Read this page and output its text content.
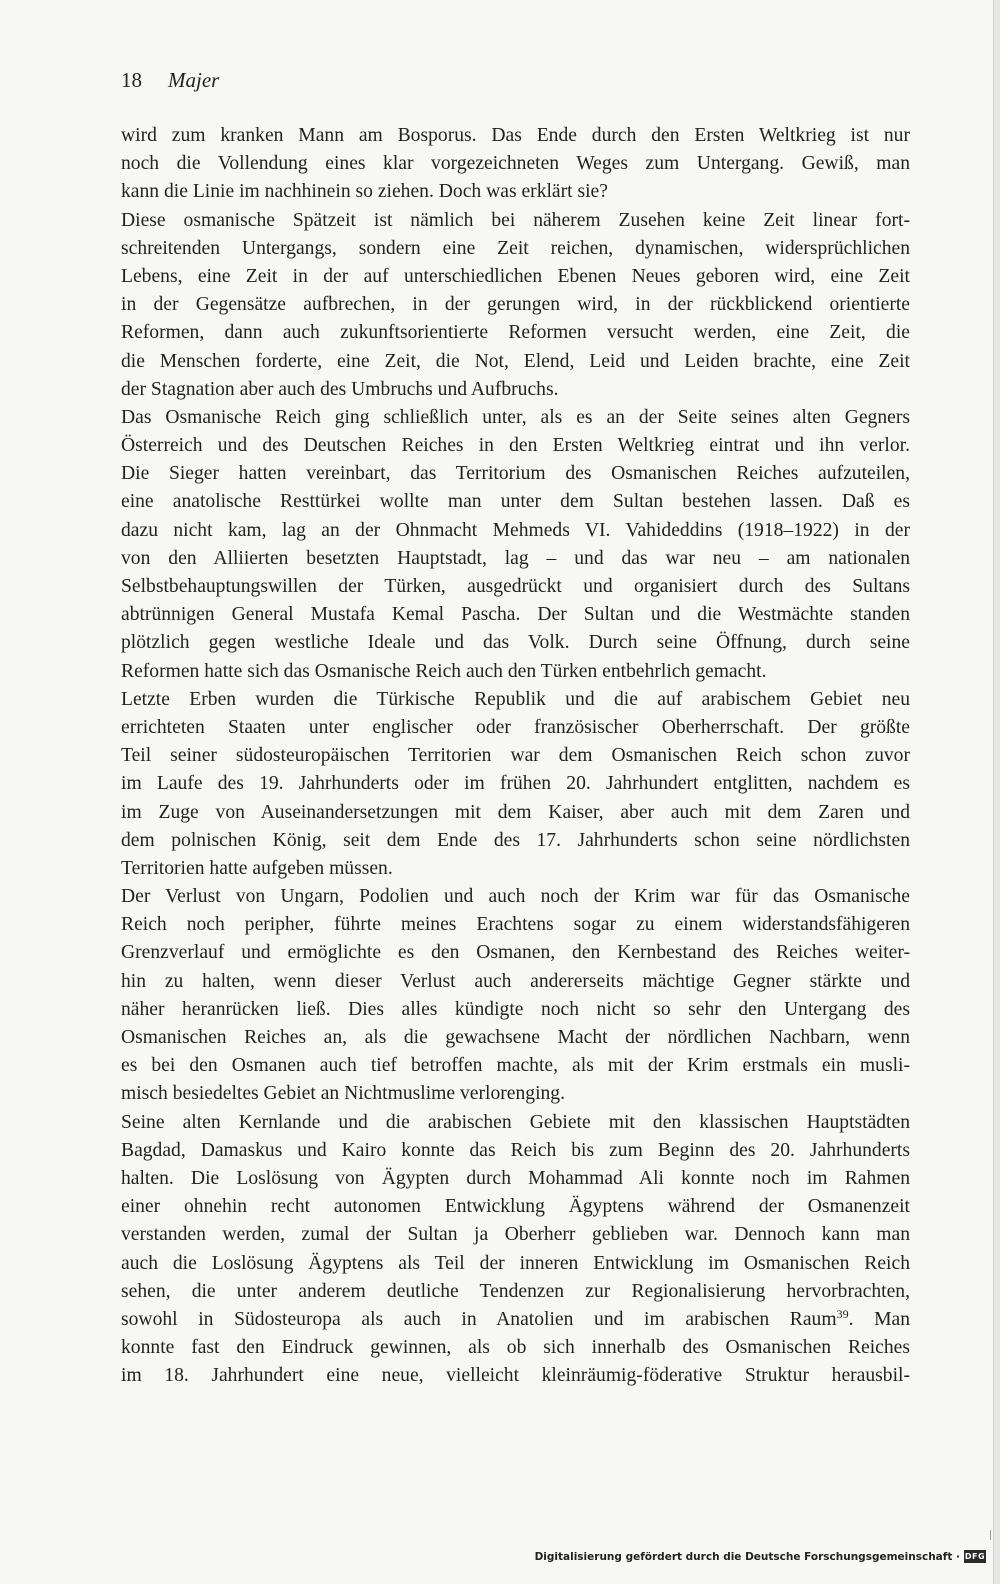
18 Majer
wird zum kranken Mann am Bosporus. Das Ende durch den Ersten Weltkrieg ist nur
noch die Vollendung eines klar vorgezeichneten Weges zum Untergang. Gewiß, man
kann die Linie im nachhinein so ziehen. Doch was erklärt sie?
Diese osmanische Spätzeit ist nämlich bei näherem Zusehen keine Zeit linear fort-
schreitenden Untergangs, sondern eine Zeit reichen, dynamischen, widersprüchlichen
Lebens, eine Zeit in der auf unterschiedlichen Ebenen Neues geboren wird, eine Zeit
in der Gegensätze aufbrechen, in der gerungen wird, in der rückblickend orientierte
Reformen, dann auch zukunftsorientierte Reformen versucht werden, eine Zeit, die
die Menschen forderte, eine Zeit, die Not, Elend, Leid und Leiden brachte, eine Zeit
der Stagnation aber auch des Umbruchs und Aufbruchs.
Das Osmanische Reich ging schließlich unter, als es an der Seite seines alten Gegners
Österreich und des Deutschen Reiches in den Ersten Weltkrieg eintrat und ihn verlor.
Die Sieger hatten vereinbart, das Territorium des Osmanischen Reiches aufzuteilen,
eine anatolische Resttürkei wollte man unter dem Sultan bestehen lassen. Daß es
dazu nicht kam, lag an der Ohnmacht Mehmeds VI. Vahideddins (1918–1922) in der
von den Alliierten besetzten Hauptstadt, lag – und das war neu – am nationalen
Selbstbehauptungswillen der Türken, ausgedrückt und organisiert durch des Sultans
abtrünnigen General Mustafa Kemal Pascha. Der Sultan und die Westmächte standen
plötzlich gegen westliche Ideale und das Volk. Durch seine Öffnung, durch seine
Reformen hatte sich das Osmanische Reich auch den Türken entbehrlich gemacht.
Letzte Erben wurden die Türkische Republik und die auf arabischem Gebiet neu
errichteten Staaten unter englischer oder französischer Oberherrschaft. Der größte
Teil seiner südosteuropäischen Territorien war dem Osmanischen Reich schon zuvor
im Laufe des 19. Jahrhunderts oder im frühen 20. Jahrhundert entglitten, nachdem es
im Zuge von Auseinandersetzungen mit dem Kaiser, aber auch mit dem Zaren und
dem polnischen König, seit dem Ende des 17. Jahrhunderts schon seine nördlichsten
Territorien hatte aufgeben müssen.
Der Verlust von Ungarn, Podolien und auch noch der Krim war für das Osmanische
Reich noch peripher, führte meines Erachtens sogar zu einem widerstandsfähigeren
Grenzverlauf und ermöglichte es den Osmanen, den Kernbestand des Reiches weiter-
hin zu halten, wenn dieser Verlust auch andererseits mächtige Gegner stärkte und
näher heranrücken ließ. Dies alles kündigte noch nicht so sehr den Untergang des
Osmanischen Reiches an, als die gewachsene Macht der nördlichen Nachbarn, wenn
es bei den Osmanen auch tief betroffen machte, als mit der Krim erstmals ein musli-
misch besiedeltes Gebiet an Nichtmuslime verlorenging.
Seine alten Kernlande und die arabischen Gebiete mit den klassischen Hauptstädten
Bagdad, Damaskus und Kairo konnte das Reich bis zum Beginn des 20. Jahrhunderts
halten. Die Loslösung von Ägypten durch Mohammad Ali konnte noch im Rahmen
einer ohnehin recht autonomen Entwicklung Ägyptens während der Osmanenzeit
verstanden werden, zumal der Sultan ja Oberherr geblieben war. Dennoch kann man
auch die Loslösung Ägyptens als Teil der inneren Entwicklung im Osmanischen Reich
sehen, die unter anderem deutliche Tendenzen zur Regionalisierung hervorbrachten,
sowohl in Südosteuropa als auch in Anatolien und im arabischen Raum$^{39}$. Man
konnte fast den Eindruck gewinnen, als ob sich innerhalb des Osmanischen Reiches
im 18. Jahrhundert eine neue, vielleicht kleinräumig-föderative Struktur herausbil-
Digitalisierung gefördert durch die Deutsche Forschungsgemeinschaft · DFG
